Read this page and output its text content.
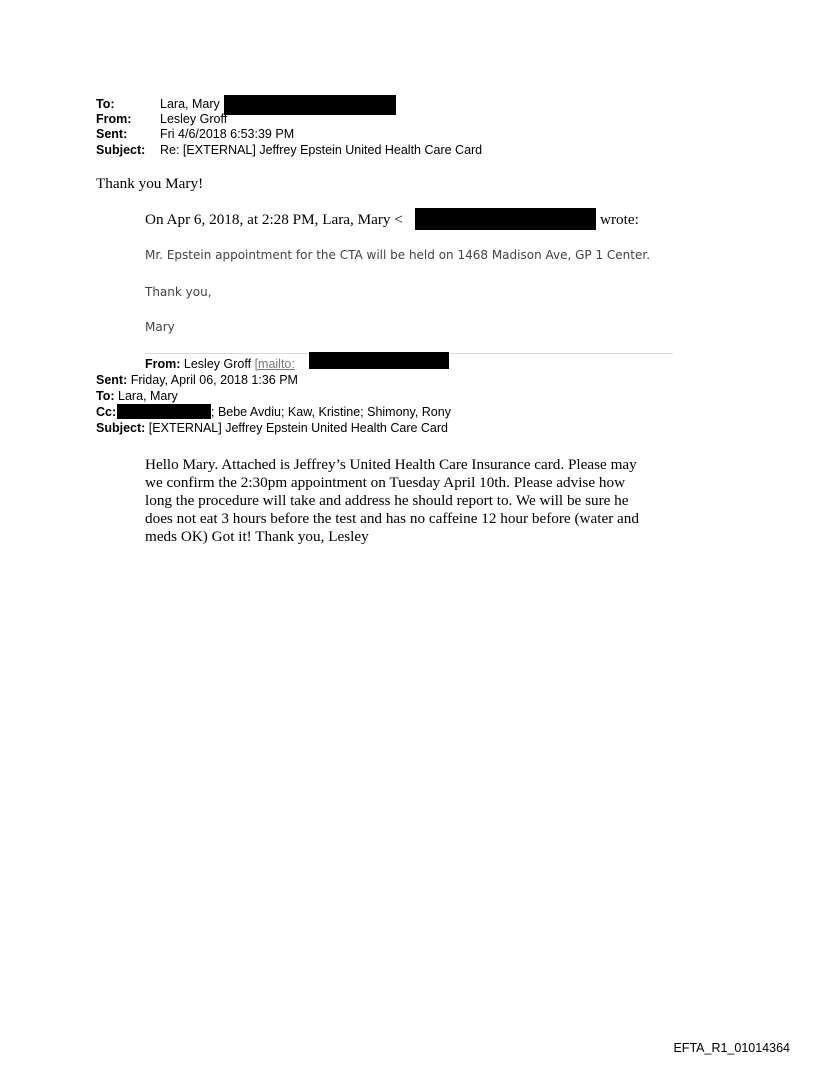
To:	Lara, Mary
From: Lesley Groff
Sent:	Fri 4/6/2018 6:53:39 PM
Subject: Re: [EXTERNAL] Jeffrey Epstein United Health Care Card
Thank you Mary!
On Apr 6, 2018, at 2:28 PM, Lara, Mary <	wrote:
Mr. Epstein appointment for the CTA will be held on 1468 Madison Ave, GP 1 Center.
Thank you,
Mary
From: Lesley Groff [mailto:
Sent: Friday, April 06, 2018 1:36 PM
To: Lara, Mary
Cc:	; Bebe Avdiu; Kaw, Kristine; Shimony, Rony
Subject: [EXTERNAL] Jeffrey Epstein United Health Care Card

Hello Mary. Attached is Jeffrey’s United Health Care Insurance card. Please may

we confirm the 2:30pm appointment on Tuesday April 10th. Please advise how

long the procedure will take and address he should report to. We will be sure he

does not eat 3 hours before the test and has no caffeine 12 hour before (water and

meds OK) Got it! Thank you, Lesley

EFTA_R1_01014364
